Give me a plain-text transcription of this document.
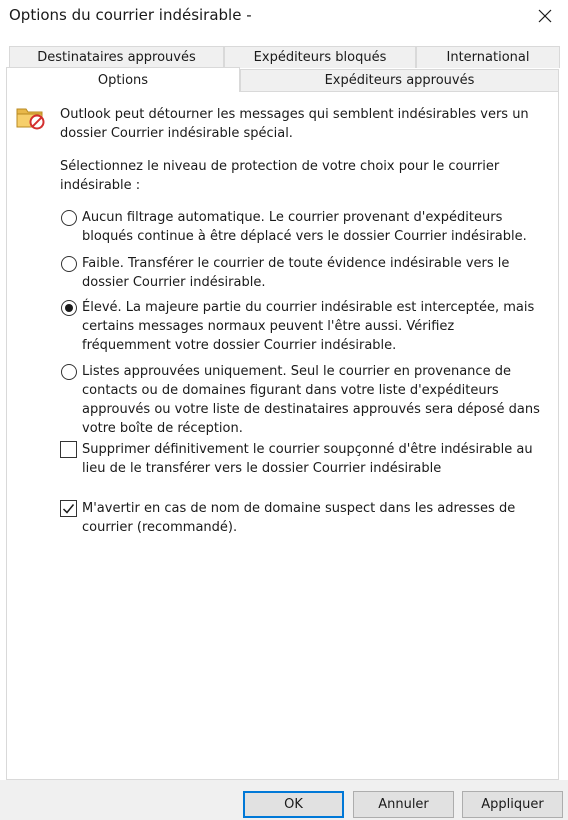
Options du courrier indésirable -
Destinataires approuvés	Expéditeurs bloqués	International
Options	Expéditeurs approuvés
Outlook peut détourner les messages qui semblent indésirables vers un dossier Courrier indésirable spécial.
Sélectionnez le niveau de protection de votre choix pour le courrier indésirable :
Aucun filtrage automatique. Le courrier provenant d'expéditeurs bloqués continue à être déplacé vers le dossier Courrier indésirable.
Faible. Transférer le courrier de toute évidence indésirable vers le dossier Courrier indésirable.
Élevé. La majeure partie du courrier indésirable est interceptée, mais certains messages normaux peuvent l'être aussi. Vérifiez fréquemment votre dossier Courrier indésirable.
Listes approuvées uniquement. Seul le courrier en provenance de contacts ou de domaines figurant dans votre liste d'expéditeurs approuvés ou votre liste de destinataires approuvés sera déposé dans votre boîte de réception.
Supprimer définitivement le courrier soupçonné d'être indésirable au lieu de le transférer vers le dossier Courrier indésirable
M'avertir en cas de nom de domaine suspect dans les adresses de courrier (recommandé).
OK	Annuler	Appliquer
